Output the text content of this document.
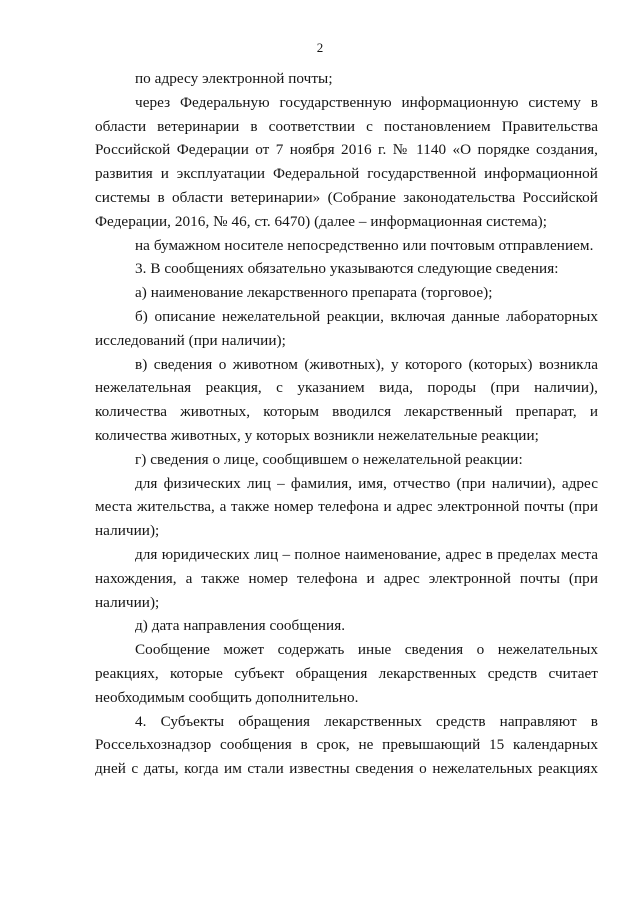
2

по адресу электронной почты;

через Федеральную государственную информационную систему в области ветеринарии в соответствии с постановлением Правительства Российской Федерации от 7 ноября 2016 г. № 1140 «О порядке создания, развития и эксплуатации Федеральной государственной информационной системы в области ветеринарии» (Собрание законодательства Российской Федерации, 2016, № 46, ст. 6470) (далее – информационная система);

на бумажном носителе непосредственно или почтовым отправлением.

3. В сообщениях обязательно указываются следующие сведения:

а) наименование лекарственного препарата (торговое);

б) описание нежелательной реакции, включая данные лабораторных исследований (при наличии);

в) сведения о животном (животных), у которого (которых) возникла нежелательная реакция, с указанием вида, породы (при наличии), количества животных, которым вводился лекарственный препарат, и количества животных, у которых возникли нежелательные реакции;

г) сведения о лице, сообщившем о нежелательной реакции:

для физических лиц – фамилия, имя, отчество (при наличии), адрес места жительства, а также номер телефона и адрес электронной почты (при наличии);

для юридических лиц – полное наименование, адрес в пределах места нахождения, а также номер телефона и адрес электронной почты (при наличии);

д) дата направления сообщения.

Сообщение может содержать иные сведения о нежелательных реакциях, которые субъект обращения лекарственных средств считает необходимым сообщить дополнительно.

4. Субъекты обращения лекарственных средств направляют в Россельхознадзор сообщения в срок, не превышающий 15 календарных дней с даты, когда им стали известны сведения о нежелательных реакциях
